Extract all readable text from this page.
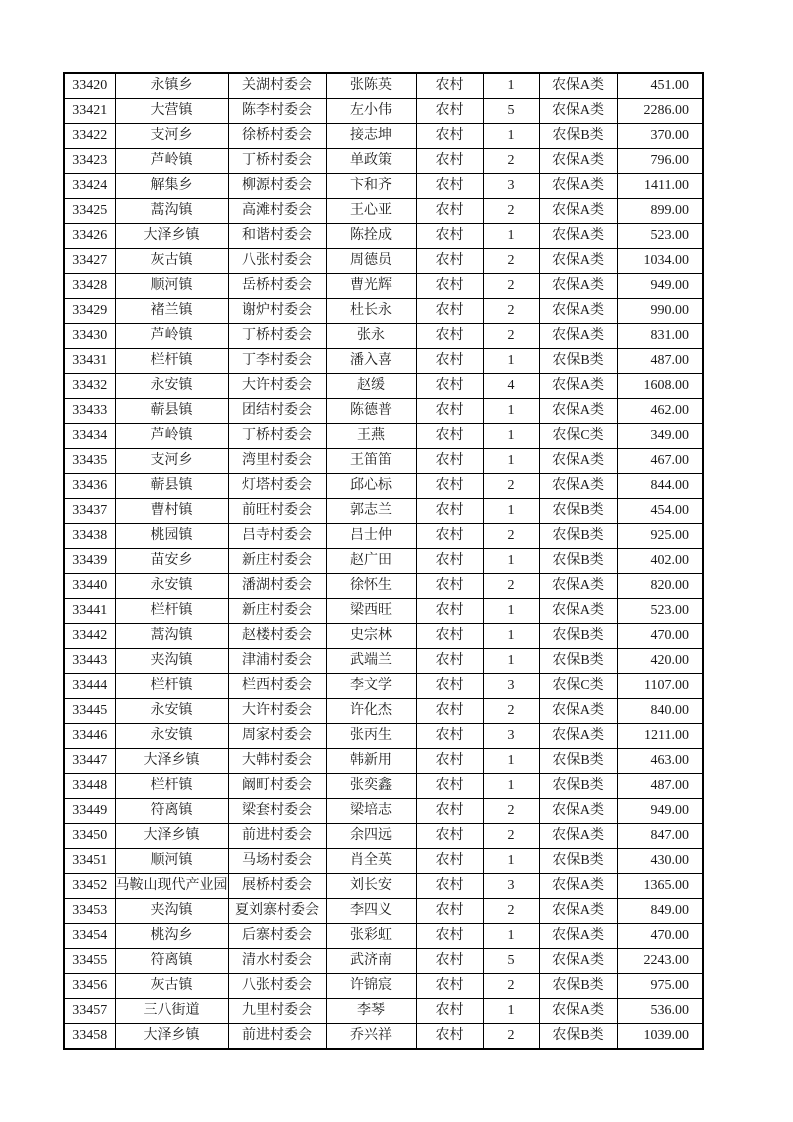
33420	永镇乡	关湖村委会	张陈英	农村	1	农保A类	451.00
33421	大营镇	陈李村委会	左小伟	农村	5	农保A类	2286.00
33422	支河乡	徐桥村委会	接志坤	农村	1	农保B类	370.00
33423	芦岭镇	丁桥村委会	单政策	农村	2	农保A类	796.00
33424	解集乡	柳源村委会	卞和齐	农村	3	农保A类	1411.00
33425	蒿沟镇	高滩村委会	王心亚	农村	2	农保A类	899.00
33426	大泽乡镇	和谐村委会	陈拴成	农村	1	农保A类	523.00
33427	灰古镇	八张村委会	周德员	农村	2	农保A类	1034.00
33428	顺河镇	岳桥村委会	曹光辉	农村	2	农保A类	949.00
33429	褚兰镇	谢炉村委会	杜长永	农村	2	农保A类	990.00
33430	芦岭镇	丁桥村委会	张永	农村	2	农保A类	831.00
33431	栏杆镇	丁李村委会	潘入喜	农村	1	农保B类	487.00
33432	永安镇	大许村委会	赵缓	农村	4	农保A类	1608.00
33433	蕲县镇	团结村委会	陈德普	农村	1	农保A类	462.00
33434	芦岭镇	丁桥村委会	王燕	农村	1	农保C类	349.00
33435	支河乡	湾里村委会	王笛笛	农村	1	农保A类	467.00
33436	蕲县镇	灯塔村委会	邱心标	农村	2	农保A类	844.00
33437	曹村镇	前旺村委会	郭志兰	农村	1	农保B类	454.00
33438	桃园镇	吕寺村委会	吕士仲	农村	2	农保B类	925.00
33439	苗安乡	新庄村委会	赵广田	农村	1	农保B类	402.00
33440	永安镇	潘湖村委会	徐怀生	农村	2	农保A类	820.00
33441	栏杆镇	新庄村委会	梁西旺	农村	1	农保A类	523.00
33442	蒿沟镇	赵楼村委会	史宗林	农村	1	农保B类	470.00
33443	夹沟镇	津浦村委会	武端兰	农村	1	农保B类	420.00
33444	栏杆镇	栏西村委会	李文学	农村	3	农保C类	1107.00
33445	永安镇	大许村委会	许化杰	农村	2	农保A类	840.00
33446	永安镇	周家村委会	张丙生	农村	3	农保A类	1211.00
33447	大泽乡镇	大韩村委会	韩新用	农村	1	农保B类	463.00
33448	栏杆镇	阚町村委会	张奕鑫	农村	1	农保B类	487.00
33449	符离镇	梁套村委会	梁培志	农村	2	农保A类	949.00
33450	大泽乡镇	前进村委会	余四远	农村	2	农保A类	847.00
33451	顺河镇	马场村委会	肖全英	农村	1	农保B类	430.00
33452	马鞍山现代产业园	展桥村委会	刘长安	农村	3	农保A类	1365.00
33453	夹沟镇	夏刘寨村委会	李四义	农村	2	农保A类	849.00
33454	桃沟乡	后寨村委会	张彩虹	农村	1	农保A类	470.00
33455	符离镇	清水村委会	武济南	农村	5	农保A类	2243.00
33456	灰古镇	八张村委会	许锦宸	农村	2	农保B类	975.00
33457	三八街道	九里村委会	李琴	农村	1	农保A类	536.00
33458	大泽乡镇	前进村委会	乔兴祥	农村	2	农保B类	1039.00
